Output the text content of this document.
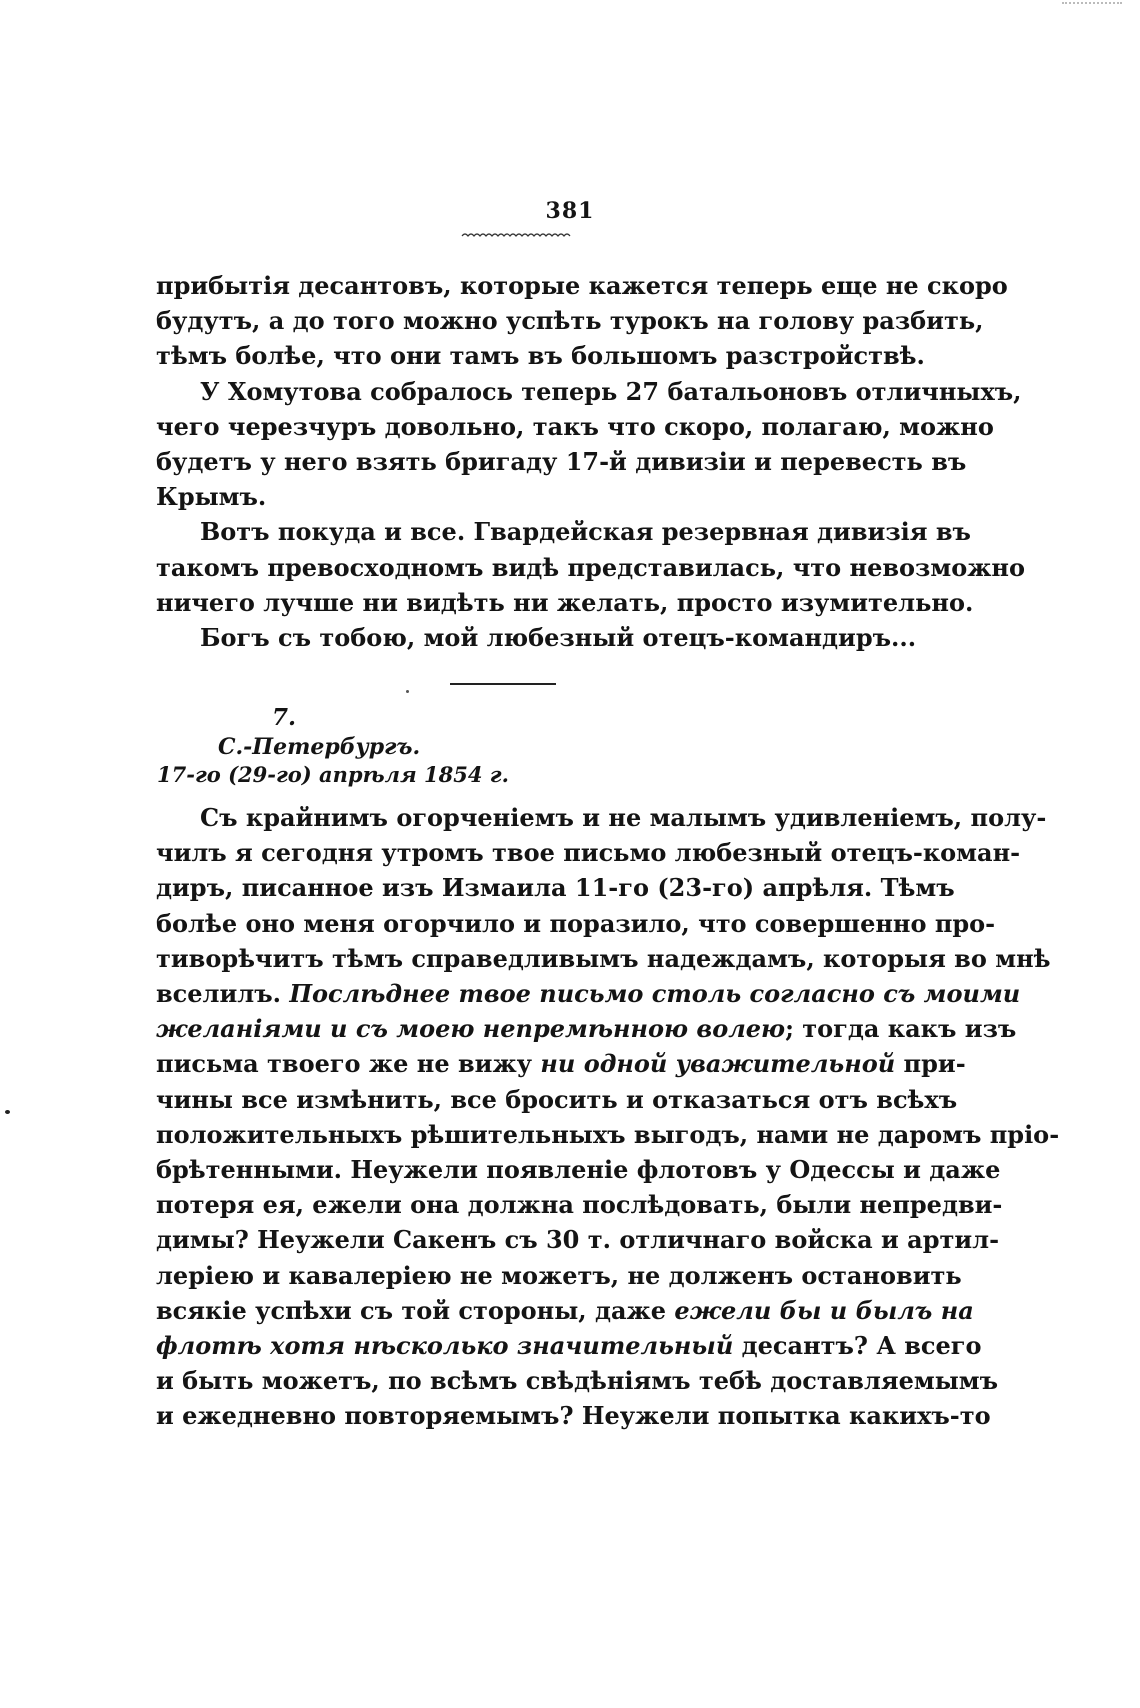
381
прибытія десантовъ, которые кажется теперь еще не скоро
будутъ, а до того можно успѣть турокъ на голову разбить,
тѣмъ болѣе, что они тамъ въ большомъ разстройствѣ.
У Хомутова собралось теперь 27 батальоновъ отличныхъ,
чего черезчуръ довольно, такъ что скоро, полагаю, можно
будетъ у него взять бригаду 17-й дивизіи и перевесть въ
Крымъ.
Вотъ покуда и все. Гвардейская резервная дивизія въ
такомъ превосходномъ видѣ представилась, что невозможно
ничего лучше ни видѣть ни желать, просто изумительно.
Богъ съ тобою, мой любезный отецъ-командиръ...
7.
С.-Петербургъ.
17-го (29-го) апрѣля 1854 г.
Съ крайнимъ огорченіемъ и не малымъ удивленіемъ, полу-
чилъ я сегодня утромъ твое письмо любезный отецъ-коман-
диръ, писанное изъ Измаила 11-го (23-го) апрѣля. Тѣмъ
болѣе оно меня огорчило и поразило, что совершенно про-
тиворѣчитъ тѣмъ справедливымъ надеждамъ, которыя во мнѣ
вселилъ. Послѣднее твое письмо столь согласно съ моими
желаніями и съ моею непремѣнною волею; тогда какъ изъ
письма твоего же не вижу ни одной уважительной при-
чины все измѣнить, все бросить и отказаться отъ всѣхъ
положительныхъ рѣшительныхъ выгодъ, нами не даромъ пріо-
брѣтенными. Неужели появленіе флотовъ у Одессы и даже
потеря ея, ежели она должна послѣдовать, были непредви-
димы? Неужели Сакенъ съ 30 т. отличнаго войска и артил-
леріею и кавалеріею не можетъ, не долженъ остановить
всякіе успѣхи съ той стороны, даже ежели бы и былъ на
флотѣ хотя нѣсколько значительный десантъ? А всего
и быть можетъ, по всѣмъ свѣдѣніямъ тебѣ доставляемымъ
и ежедневно повторяемымъ? Неужели попытка какихъ-то
